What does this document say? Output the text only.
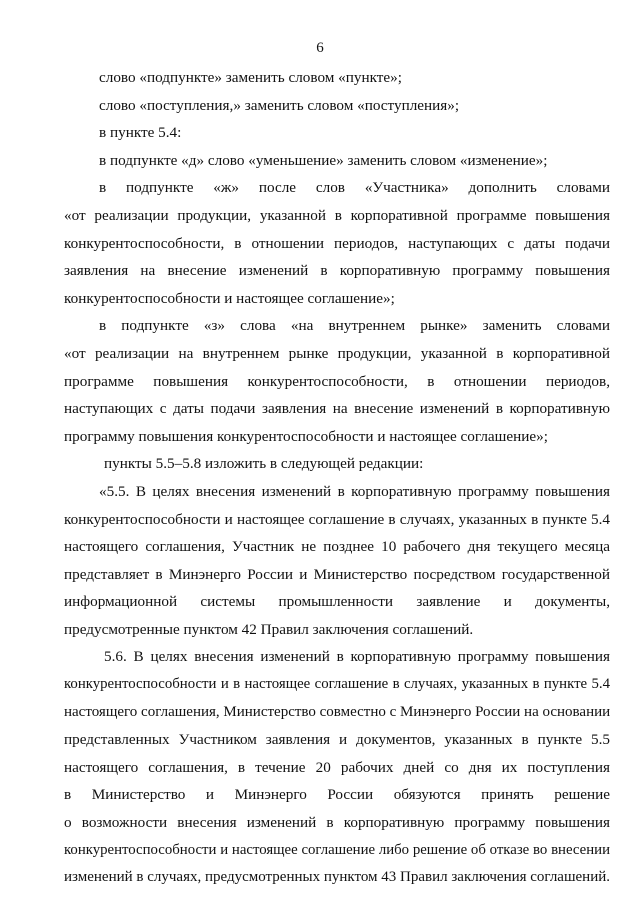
6
слово «подпункте» заменить словом «пункте»;
слово «поступления,» заменить словом «поступления»;
в пункте 5.4:
в подпункте «д» слово «уменьшение» заменить словом «изменение»;
в подпункте «ж» после слов «Участника» дополнить словами
«от реализации продукции, указанной в корпоративной программе повышения
конкурентоспособности, в отношении периодов, наступающих с даты подачи
заявления на внесение изменений в корпоративную программу повышения
конкурентоспособности и настоящее соглашение»;
в подпункте «з» слова «на внутреннем рынке» заменить словами
«от реализации на внутреннем рынке продукции, указанной в корпоративной
программе повышения конкурентоспособности, в отношении периодов,
наступающих с даты подачи заявления на внесение изменений в корпоративную
программу повышения конкурентоспособности и настоящее соглашение»;
пункты 5.5–5.8 изложить в следующей редакции:
«5.5. В целях внесения изменений в корпоративную программу повышения
конкурентоспособности и настоящее соглашение в случаях, указанных в пункте 5.4
настоящего соглашения, Участник не позднее 10 рабочего дня текущего месяца
представляет в Минэнерго России и Министерство посредством государственной
информационной системы промышленности заявление и документы,
предусмотренные пунктом 42 Правил заключения соглашений.
5.6. В целях внесения изменений в корпоративную программу повышения
конкурентоспособности и в настоящее соглашение в случаях, указанных в пункте 5.4
настоящего соглашения, Министерство совместно с Минэнерго России на основании
представленных Участником заявления и документов, указанных в пункте 5.5
настоящего соглашения, в течение 20 рабочих дней со дня их поступления
в Министерство и Минэнерго России обязуются принять решение
о возможности внесения изменений в корпоративную программу повышения
конкурентоспособности и настоящее соглашение либо решение об отказе во внесении
изменений в случаях, предусмотренных пунктом 43 Правил заключения соглашений.
